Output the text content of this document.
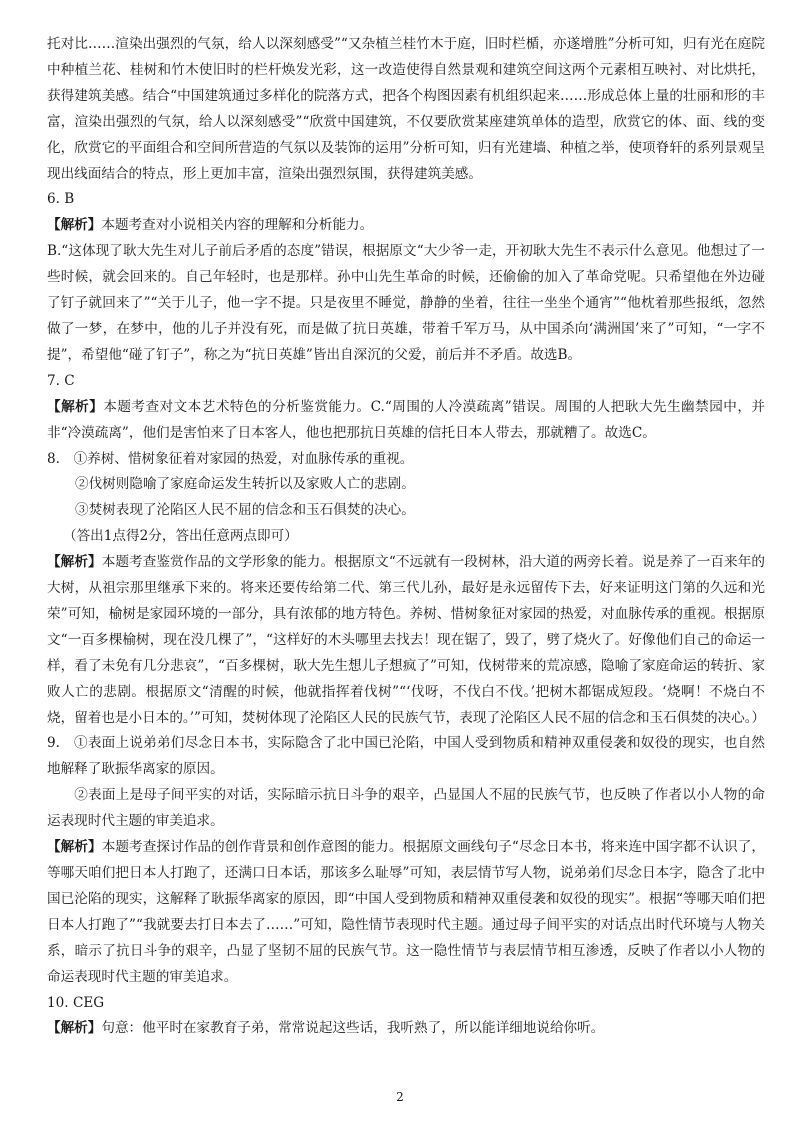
托对比……渲染出强烈的气氛，给人以深刻感受”“又杂植兰桂竹木于庭，旧时栏楯，亦遂增胜”分析可知，归有光在庭院中种植兰花、桂树和竹木使旧时的栏杆焕发光彩，这一改造使得自然景观和建筑空间这两个元素相互映衬、对比烘托，获得建筑美感。结合“中国建筑通过多样化的院落方式，把各个构图因素有机组织起来……形成总体上量的壮丽和形的丰富，渲染出强烈的气氛，给人以深刻感受”“欣赏中国建筑，不仅要欣赏某座建筑单体的造型，欣赏它的体、面、线的变化，欣赏它的平面组合和空间所营造的气氛以及装饰的运用”分析可知，归有光建墙、种植之举，使项脊轩的系列景观呈现出线面结合的特点，形上更加丰富，渲染出强烈氛围，获得建筑美感。

6. B

【解析】本题考查对小说相关内容的理解和分析能力。

B.“这体现了耿大先生对儿子前后矛盾的态度”错误，根据原文“大少爷一走，开初耿大先生不表示什么意见。他想过了一些时候，就会回来的。自己年轻时，也是那样。孙中山先生革命的时候，还偷偷的加入了革命党呢。只希望他在外边碰了钉子就回来了”“关于儿子，他一字不提。只是夜里不睡觉，静静的坐着，往往一坐坐个通宵”“他枕着那些报纸，忽然做了一梦，在梦中，他的儿子并没有死，而是做了抗日英雄，带着千军万马，从中国杀向‘满洲国’来了”可知，“一字不提”，希望他“碰了钉子”，称之为“抗日英雄”皆出自深沉的父爱，前后并不矛盾。故选B。

7. C

【解析】本题考查对文本艺术特色的分析鉴赏能力。C.“周围的人冷漠疏离”错误。周围的人把耿大先生幽禁园中，并非“冷漠疏离”，他们是害怕来了日本客人，他也把那抗日英雄的信托日本人带去，那就糟了。故选C。

8.　①养树、惜树象征着对家园的热爱，对血脉传承的重视。

②伐树则隐喻了家庭命运发生转折以及家败人亡的悲剧。

③焚树表现了沦陷区人民不屈的信念和玉石俱焚的决心。

（答出1点得2分，答出任意两点即可）

【解析】本题考查鉴赏作品的文学形象的能力。根据原文“不远就有一段树林，沿大道的两旁长着。说是养了一百来年的大树，从祖宗那里继承下来的。将来还要传给第二代、第三代儿孙，最好是永远留传下去，好来证明这门第的久远和光荣”可知，榆树是家园环境的一部分，具有浓郁的地方特色。养树、惜树象征对家园的热爱，对血脉传承的重视。根据原文“一百多棵榆树，现在没几棵了”，“这样好的木头哪里去找去！现在锯了，毁了，劈了烧火了。好像他们自己的命运一样，看了未免有几分悲哀”，“百多棵树，耿大先生想儿子想疯了”可知，伐树带来的荒凉感，隐喻了家庭命运的转折、家败人亡的悲剧。根据原文“清醒的时候，他就指挥着伐树”“‘伐呀，不伐白不伐。’把树木都锯成短段。‘烧啊！不烧白不烧，留着也是小日本的。’”可知，焚树体现了沦陷区人民的民族气节，表现了沦陷区人民不屈的信念和玉石俱焚的决心。）

9.　①表面上说弟弟们尽念日本书，实际隐含了北中国已沦陷，中国人受到物质和精神双重侵袭和奴役的现实，也自然地解释了耿振华离家的原因。

②表面上是母子间平实的对话，实际暗示抗日斗争的艰辛，凸显国人不屈的民族气节，也反映了作者以小人物的命运表现时代主题的审美追求。

【解析】本题考查探讨作品的创作背景和创作意图的能力。根据原文画线句子“尽念日本书，将来连中国字都不认识了，等哪天咱们把日本人打跑了，还满口日本话，那该多么耻辱”可知，表层情节写人物，说弟弟们尽念日本字，隐含了北中国已沦陷的现实，这解释了耿振华离家的原因，即“中国人受到物质和精神双重侵袭和奴役的现实”。根据“等哪天咱们把日本人打跑了”“我就要去打日本去了……”可知，隐性情节表现时代主题。通过母子间平实的对话点出时代环境与人物关系，暗示了抗日斗争的艰辛，凸显了坚韧不屈的民族气节。这一隐性情节与表层情节相互渗透，反映了作者以小人物的命运表现时代主题的审美追求。

10. CEG

【解析】句意：他平时在家教育子弟，常常说起这些话，我听熟了，所以能详细地说给你听。

2
